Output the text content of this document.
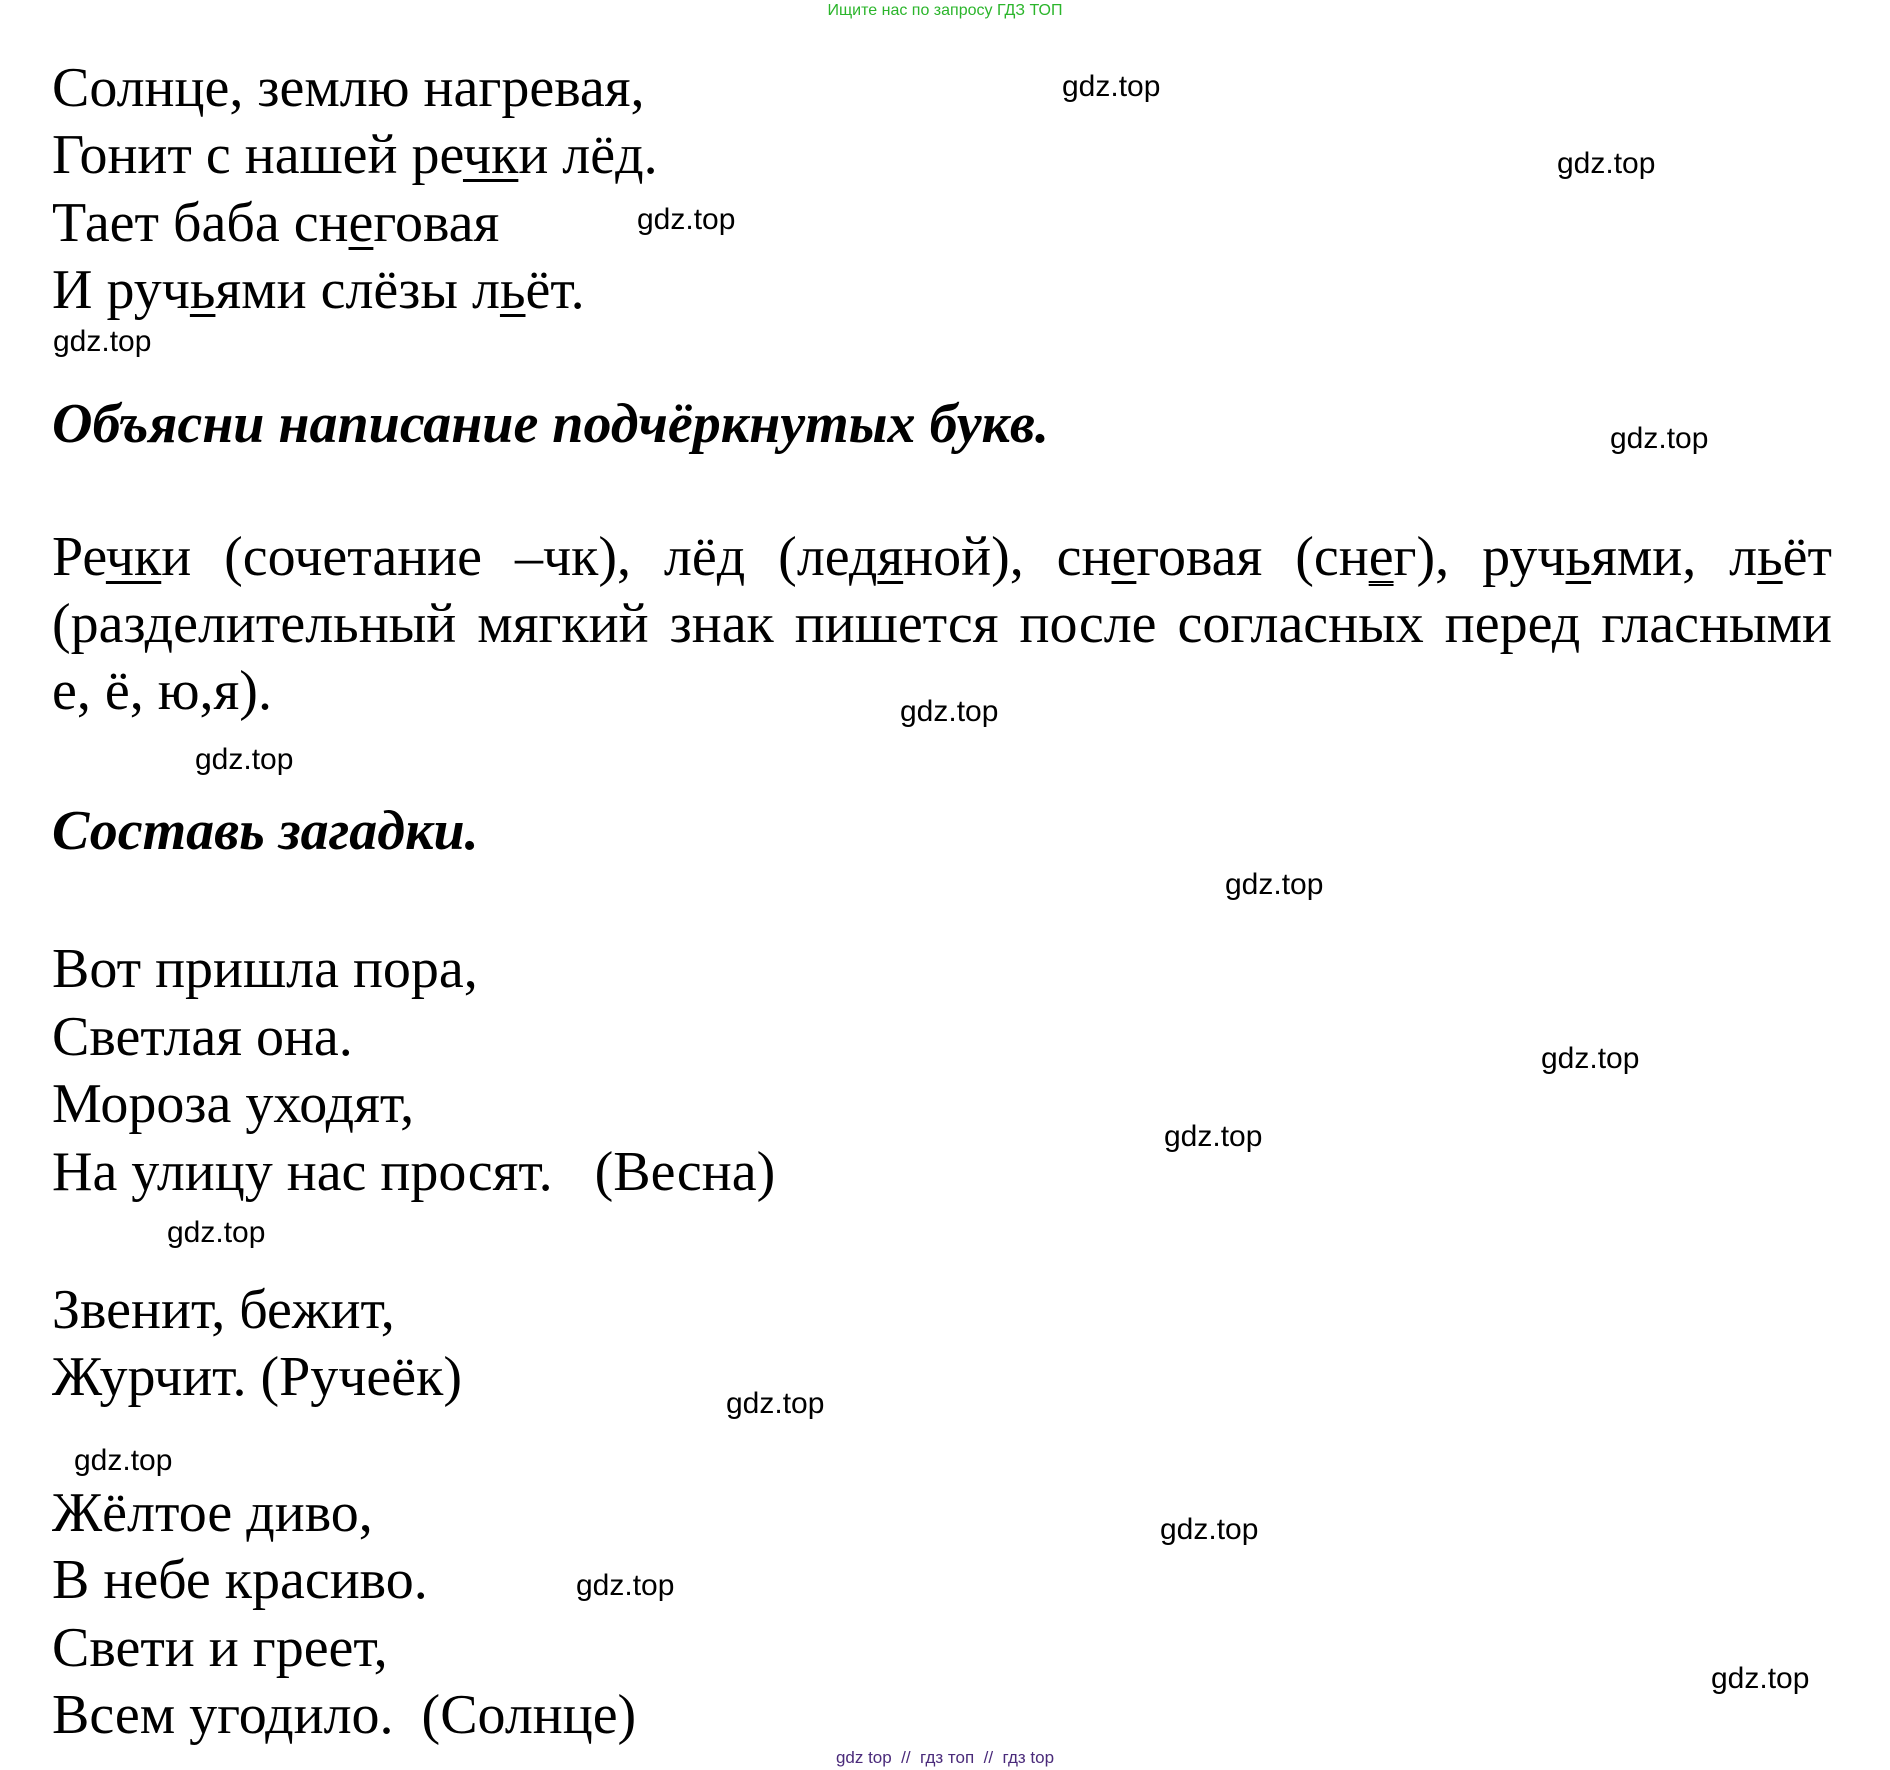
Ищите нас по запросу ГДЗ ТОП
Солнце, землю нагревая,
Гонит с нашей речки лёд.
Тает баба снеговая
И ручьями слёзы льёт.
Объясни написание подчёркнутых букв.
Речки (сочетание –чк), лёд (ледяной), снеговая (снег), ручьями, льёт (разделительный мягкий знак пишется после согласных перед гласными е, ё, ю,я).
Составь загадки.
Вот пришла пора,
Светлая она.
Мороза уходят,
На улицу нас просят.   (Весна)
Звенит, бежит,
Журчит. (Ручеёк)
Жёлтое диво,
В небе красиво.
Свети и греет,
Всем угодило.  (Солнце)
gdz.top
gdz.top
gdz.top
gdz.top
gdz.top
gdz.top
gdz.top
gdz.top
gdz.top
gdz.top
gdz.top
gdz.top
gdz.top
gdz.top
gdz.top
gdz.top
gdz top  //  гдз топ  //  гдз top
